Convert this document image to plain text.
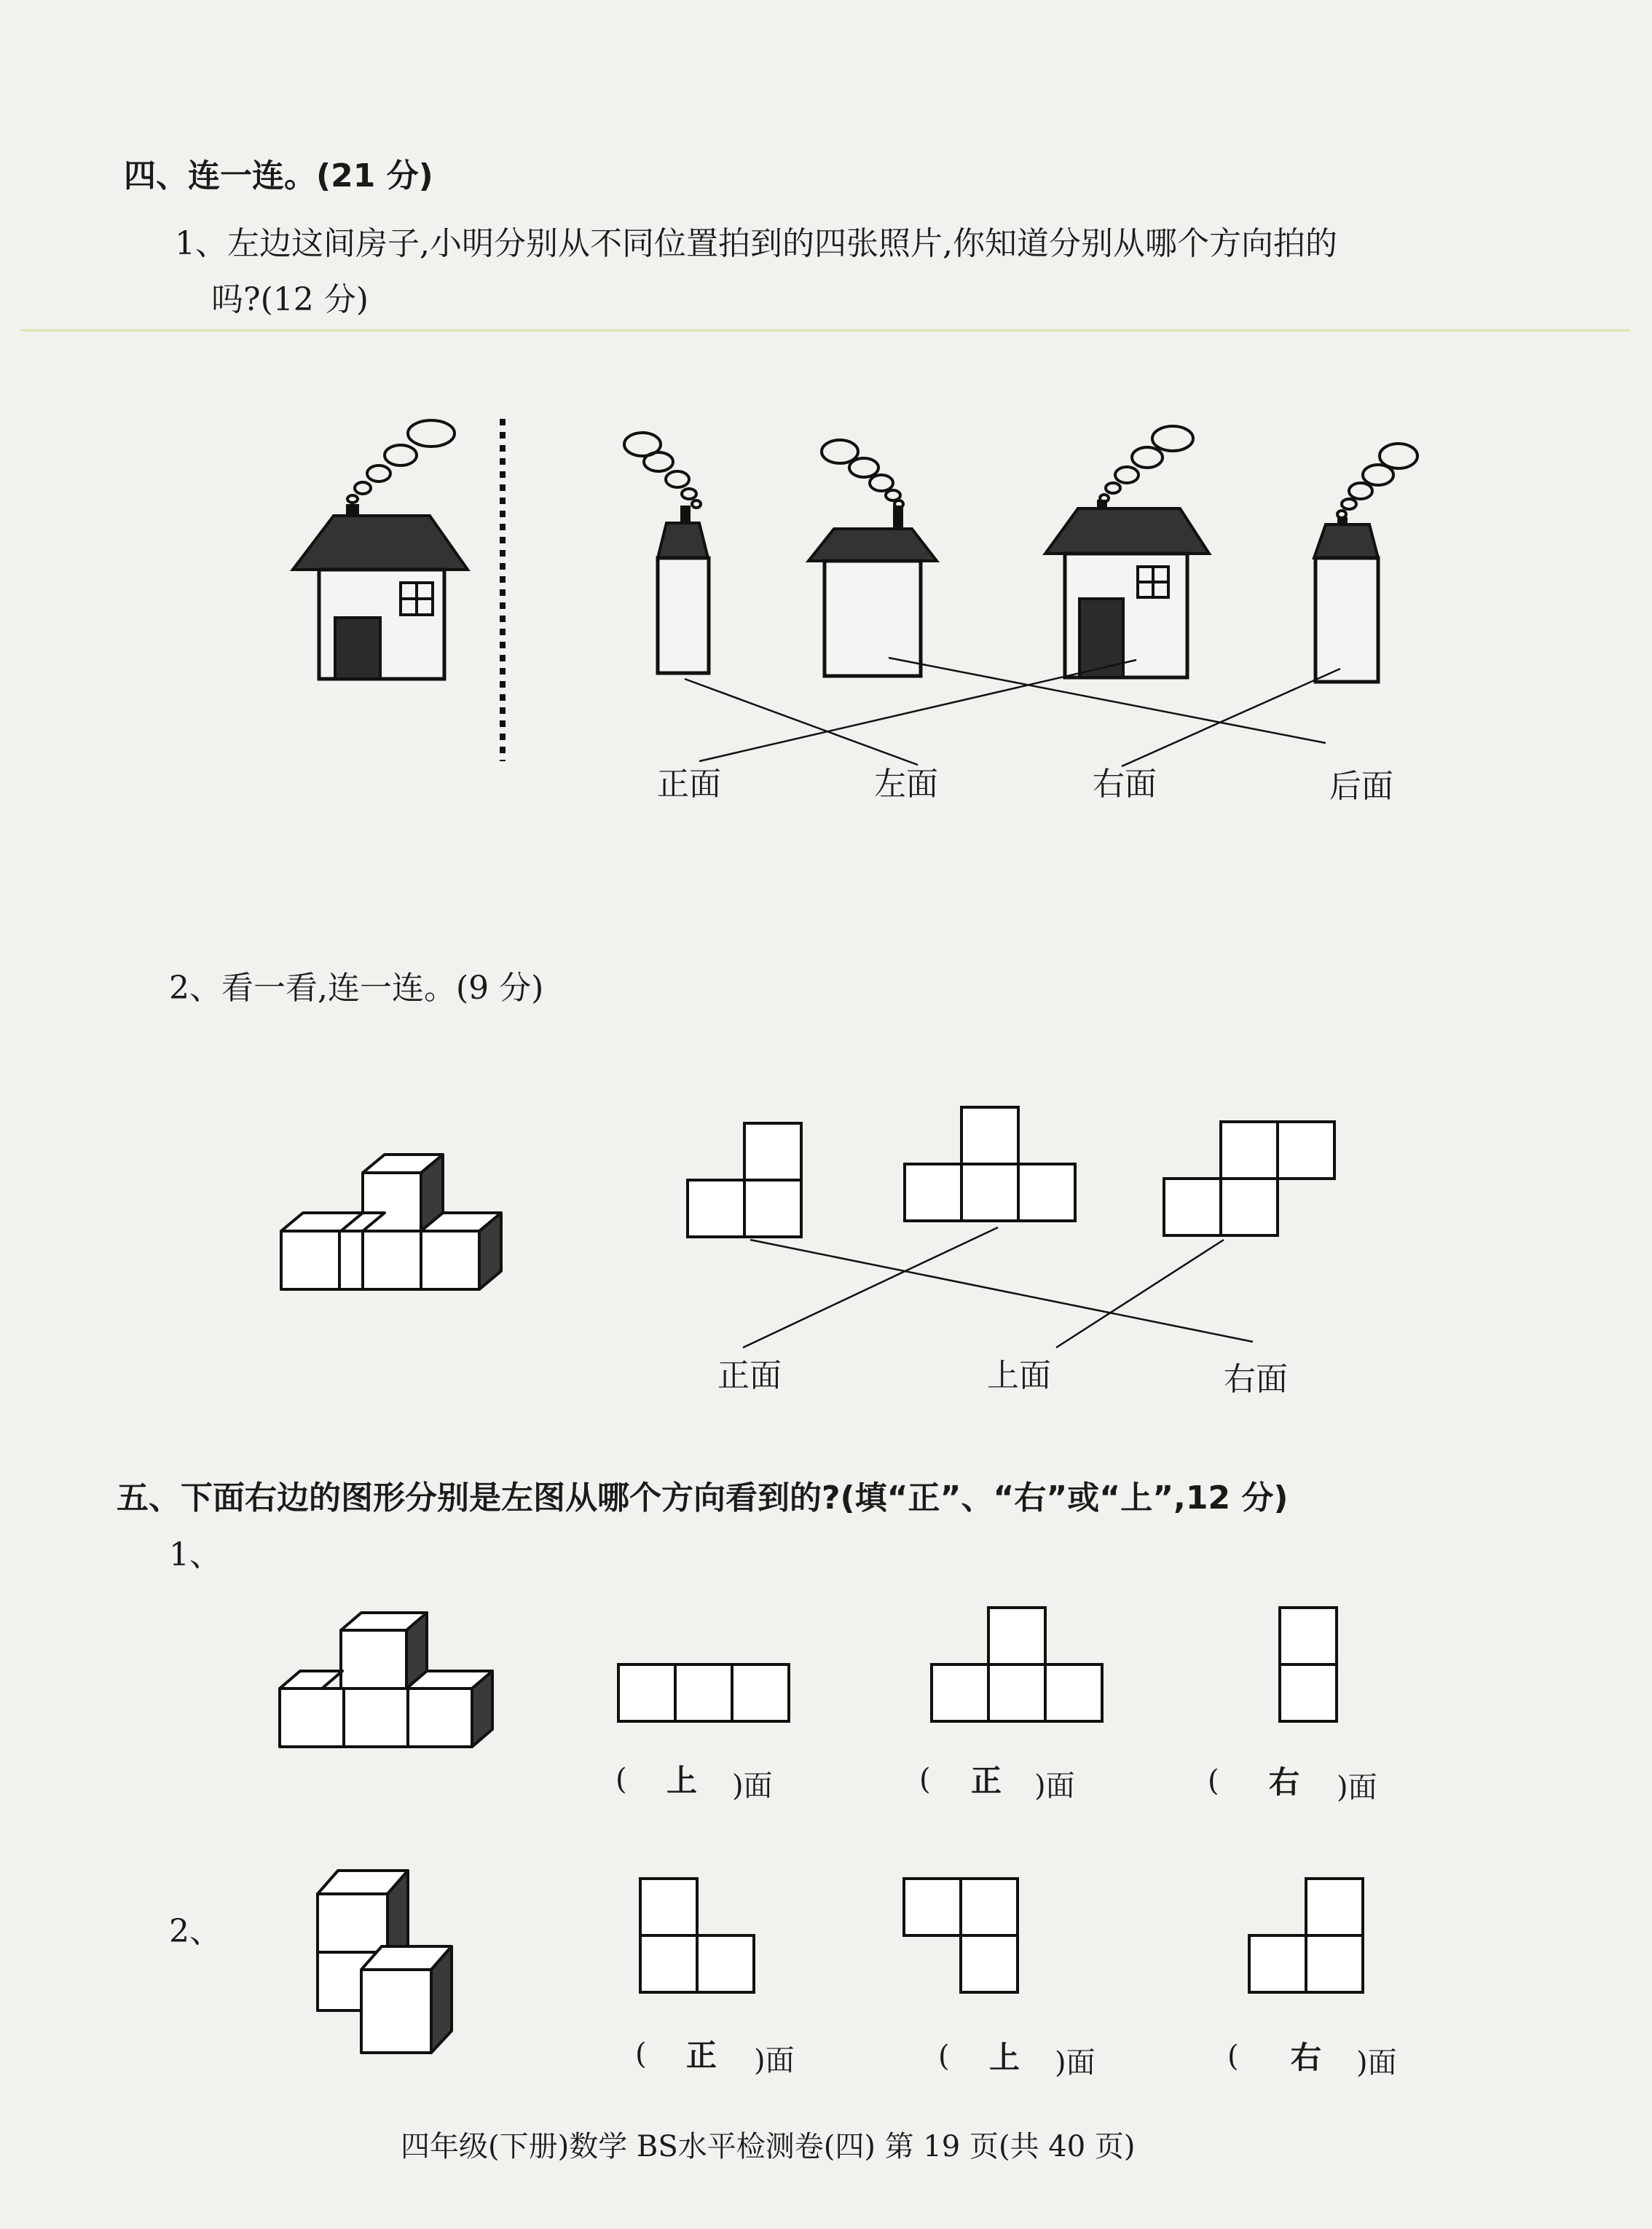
四、连一连。(21 分)
1、左边这间房子,小明分别从不同位置拍到的四张照片,你知道分别从哪个方向拍的
吗?(12 分)
正面	左面	右面	后面
2、看一看,连一连。(9 分)
正面	上面	右面
五、下面右边的图形分别是左图从哪个方向看到的?(填“正”、“右”或“上”,12 分)
1、
( 上 )面	( 正 )面	( 右 )面
2、
( 正 )面	( 上 )面	( 右 )面
四年级(下册)数学 BS水平检测卷(四) 第 19 页(共 40 页)
